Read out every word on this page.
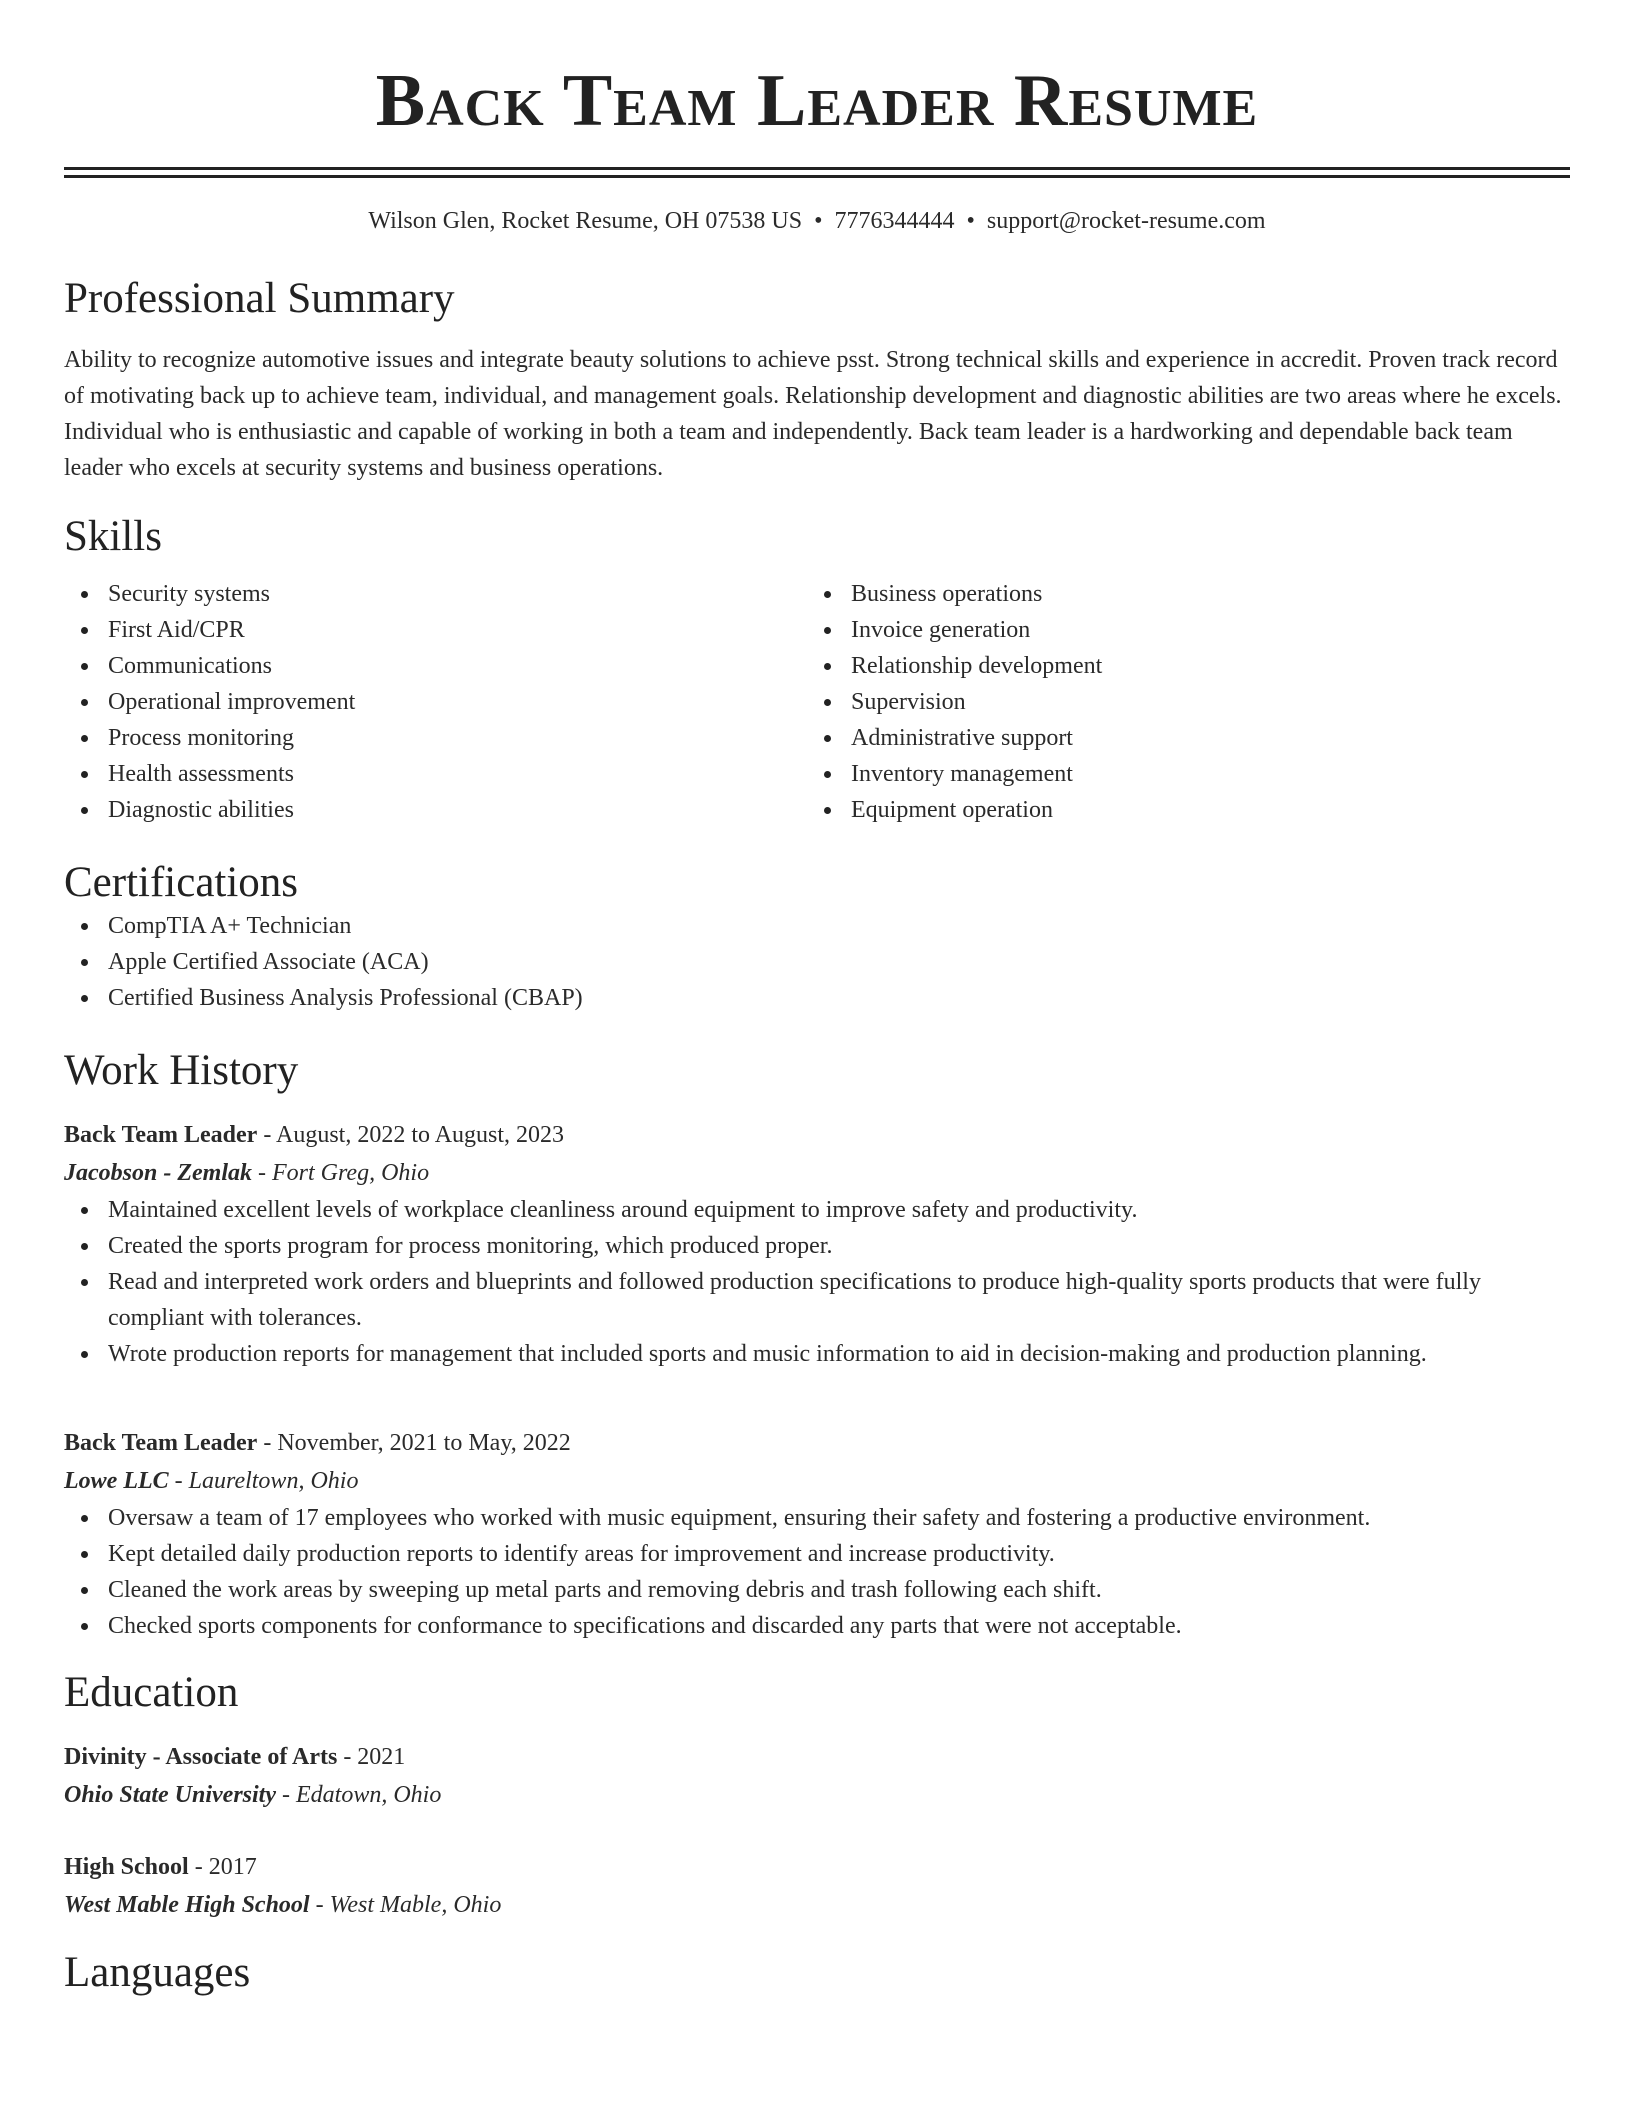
Back Team Leader Resume
Wilson Glen, Rocket Resume, OH 07538 US • 7776344444 • support@rocket-resume.com
Professional Summary

Ability to recognize automotive issues and integrate beauty solutions to achieve psst. Strong technical skills and experience in accredit. Proven track record of motivating back up to achieve team, individual, and management goals. Relationship development and diagnostic abilities are two areas where he excels. Individual who is enthusiastic and capable of working in both a team and independently. Back team leader is a hardworking and dependable back team leader who excels at security systems and business operations.

Skills
Security systems
First Aid/CPR
Communications
Operational improvement
Process monitoring
Health assessments
Diagnostic abilities
Business operations
Invoice generation
Relationship development
Supervision
Administrative support
Inventory management
Equipment operation
Certifications
CompTIA A+ Technician
Apple Certified Associate (ACA)
Certified Business Analysis Professional (CBAP)
Work History
Back Team Leader - August, 2022 to August, 2023
Jacobson - Zemlak - Fort Greg, Ohio
Maintained excellent levels of workplace cleanliness around equipment to improve safety and productivity.
Created the sports program for process monitoring, which produced proper.
Read and interpreted work orders and blueprints and followed production specifications to produce high-quality sports products that were fully compliant with tolerances.
Wrote production reports for management that included sports and music information to aid in decision-making and production planning.
Back Team Leader - November, 2021 to May, 2022
Lowe LLC - Laureltown, Ohio
Oversaw a team of 17 employees who worked with music equipment, ensuring their safety and fostering a productive environment.
Kept detailed daily production reports to identify areas for improvement and increase productivity.
Cleaned the work areas by sweeping up metal parts and removing debris and trash following each shift.
Checked sports components for conformance to specifications and discarded any parts that were not acceptable.
Education
Divinity - Associate of Arts - 2021
Ohio State University - Edatown, Ohio
High School - 2017
West Mable High School - West Mable, Ohio
Languages
